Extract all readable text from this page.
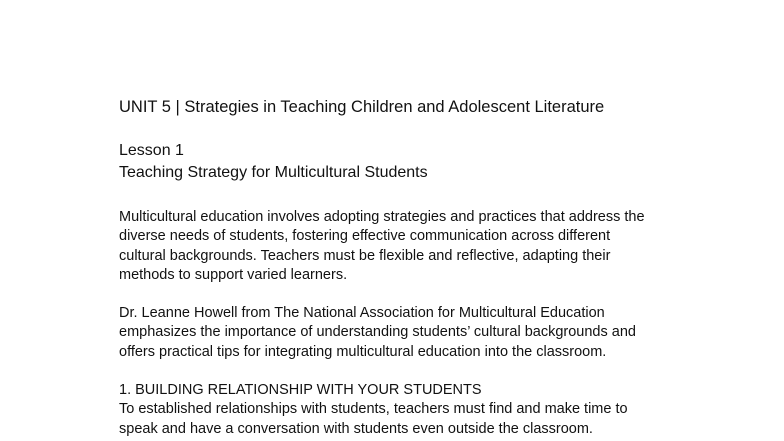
UNIT 5 | Strategies in Teaching Children and Adolescent Literature

Lesson 1

Teaching Strategy for Multicultural Students

Multicultural education involves adopting strategies and practices that address the
diverse needs of students, fostering effective communication across different
cultural backgrounds. Teachers must be flexible and reflective, adapting their
methods to support varied learners.

Dr. Leanne Howell from The National Association for Multicultural Education
emphasizes the importance of understanding students’ cultural backgrounds and
offers practical tips for integrating multicultural education into the classroom.

1. BUILDING RELATIONSHIP WITH YOUR STUDENTS
To established relationships with students, teachers must find and make time to
speak and have a conversation with students even outside the classroom.
